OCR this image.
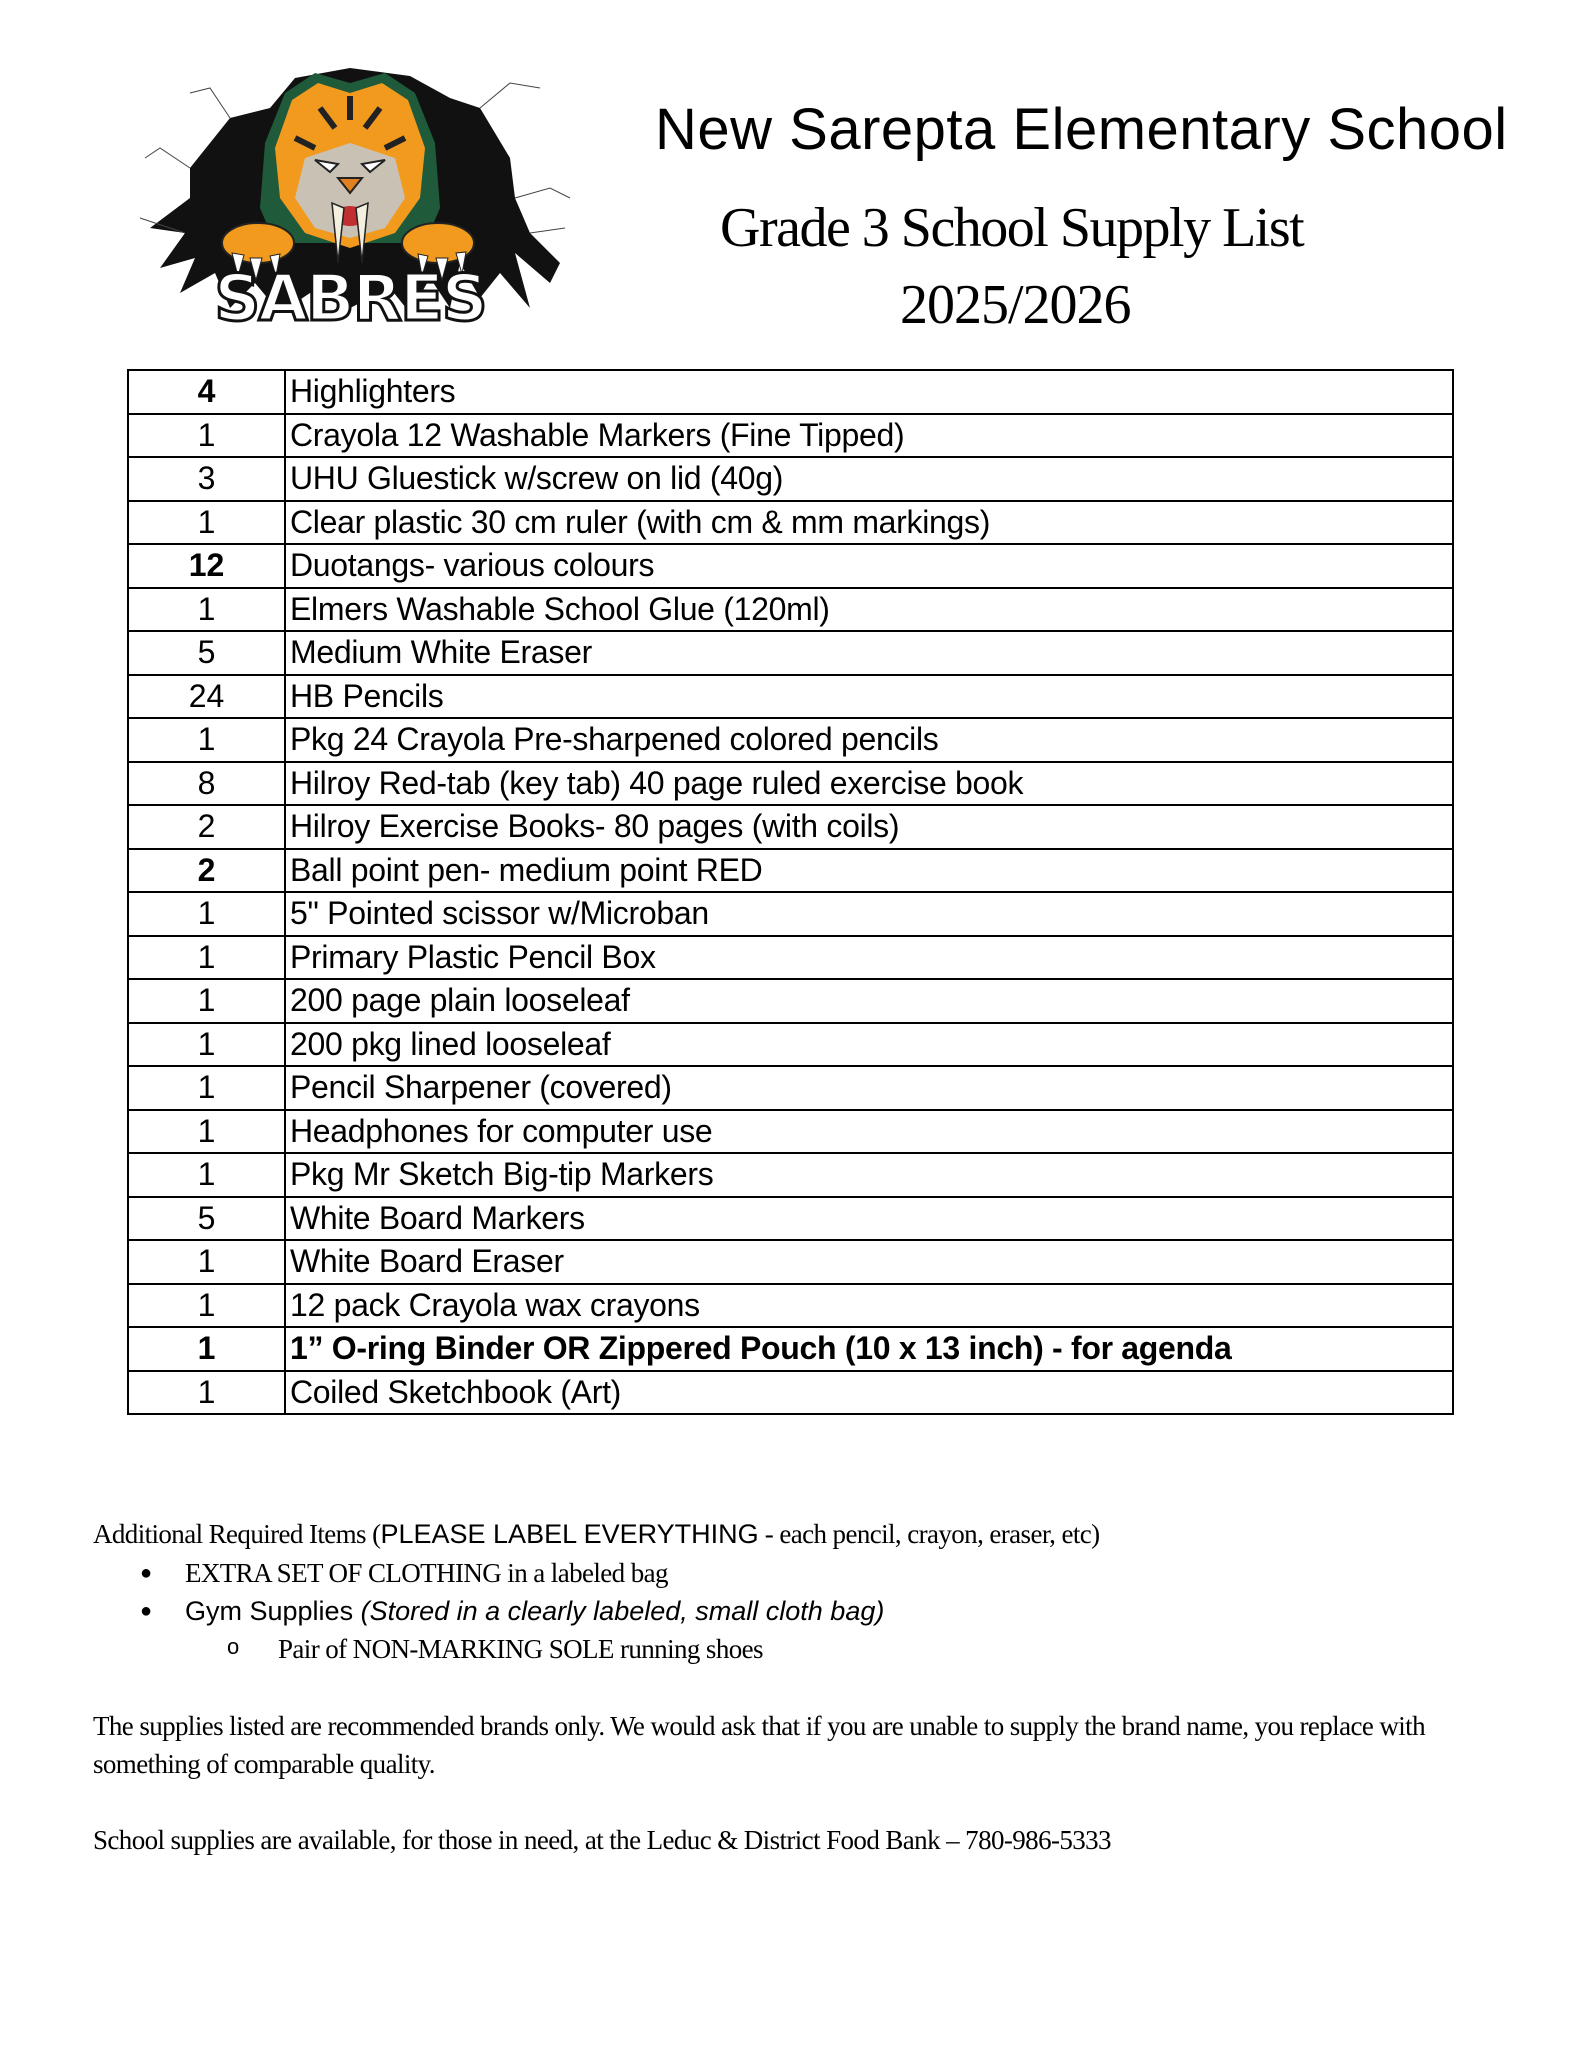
SABRES
New Sarepta Elementary School
Grade 3 School Supply List
2025/2026
4	Highlighters
1	Crayola 12 Washable Markers (Fine Tipped)
3	UHU Gluestick w/screw on lid (40g)
1	Clear plastic 30 cm ruler (with cm & mm markings)
12	Duotangs- various colours
1	Elmers Washable School Glue (120ml)
5	Medium White Eraser
24	HB Pencils
1	Pkg 24 Crayola Pre-sharpened colored pencils
8	Hilroy Red-tab (key tab) 40 page ruled exercise book
2	Hilroy Exercise Books- 80 pages (with coils)
2	Ball point pen- medium point RED
1	5" Pointed scissor w/Microban
1	Primary Plastic Pencil Box
1	200 page plain looseleaf
1	200 pkg lined looseleaf
1	Pencil Sharpener (covered)
1	Headphones for computer use
1	Pkg Mr Sketch Big-tip Markers
5	White Board Markers
1	White Board Eraser
1	12 pack Crayola wax crayons
1	1” O-ring Binder OR Zippered Pouch (10 x 13 inch) - for agenda
1	Coiled Sketchbook (Art)
Additional Required Items (PLEASE LABEL EVERYTHING - each pencil, crayon, eraser, etc)
● EXTRA SET OF CLOTHING in a labeled bag
● Gym Supplies (Stored in a clearly labeled, small cloth bag)
o Pair of NON-MARKING SOLE running shoes
The supplies listed are recommended brands only. We would ask that if you are unable to supply the brand name, you replace with something of comparable quality.
School supplies are available, for those in need, at the Leduc & District Food Bank – 780-986-5333
